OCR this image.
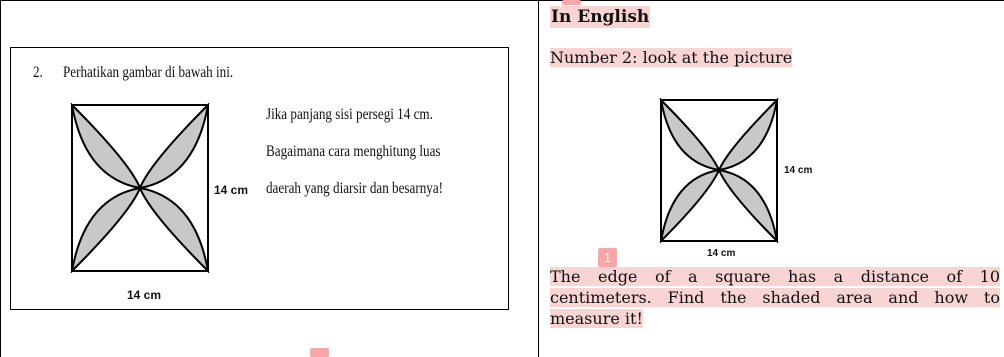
2. Perhatikan gambar di bawah ini.
14 cm
14 cm
Jika panjang sisi persegi 14 cm.
Bagaimana cara menghitung luas
daerah yang diarsir dan besarnya!
In English
Number 2: look at the picture
14 cm
14 cm
1
The edge of a square has a distance of 10
centimeters. Find the shaded area and how to
measure it!
